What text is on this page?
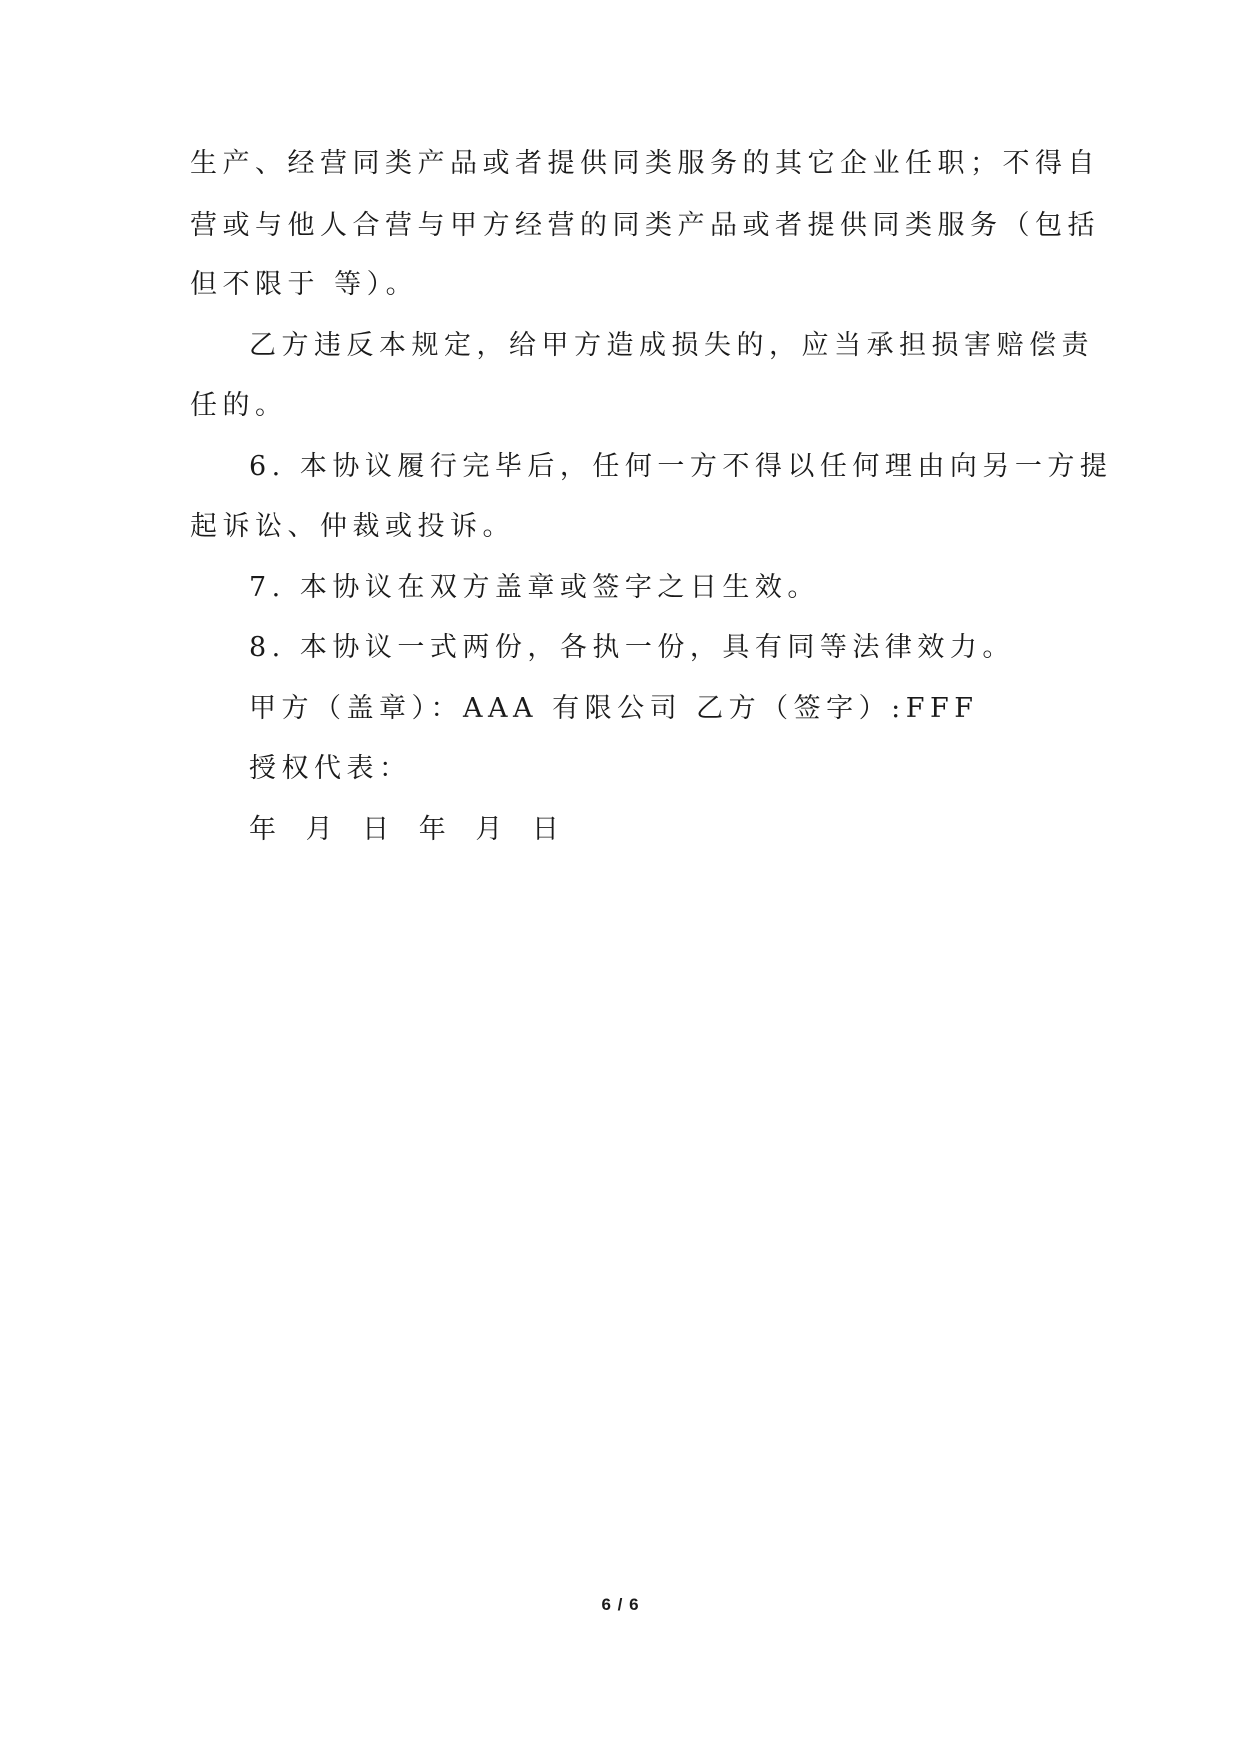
生产、经营同类产品或者提供同类服务的其它企业任职；不得自
营或与他人合营与甲方经营的同类产品或者提供同类服务（包括
但不限于 等）。
乙方违反本规定，给甲方造成损失的，应当承担损害赔偿责
任的。
6. 本协议履行完毕后，任何一方不得以任何理由向另一方提
起诉讼、仲裁或投诉。
7. 本协议在双方盖章或签字之日生效。
8. 本协议一式两份，各执一份，具有同等法律效力。
甲方（盖章）：AAA 有限公司 乙方（签字）:FFF
授权代表：
年 月 日 年 月 日
6 / 6
